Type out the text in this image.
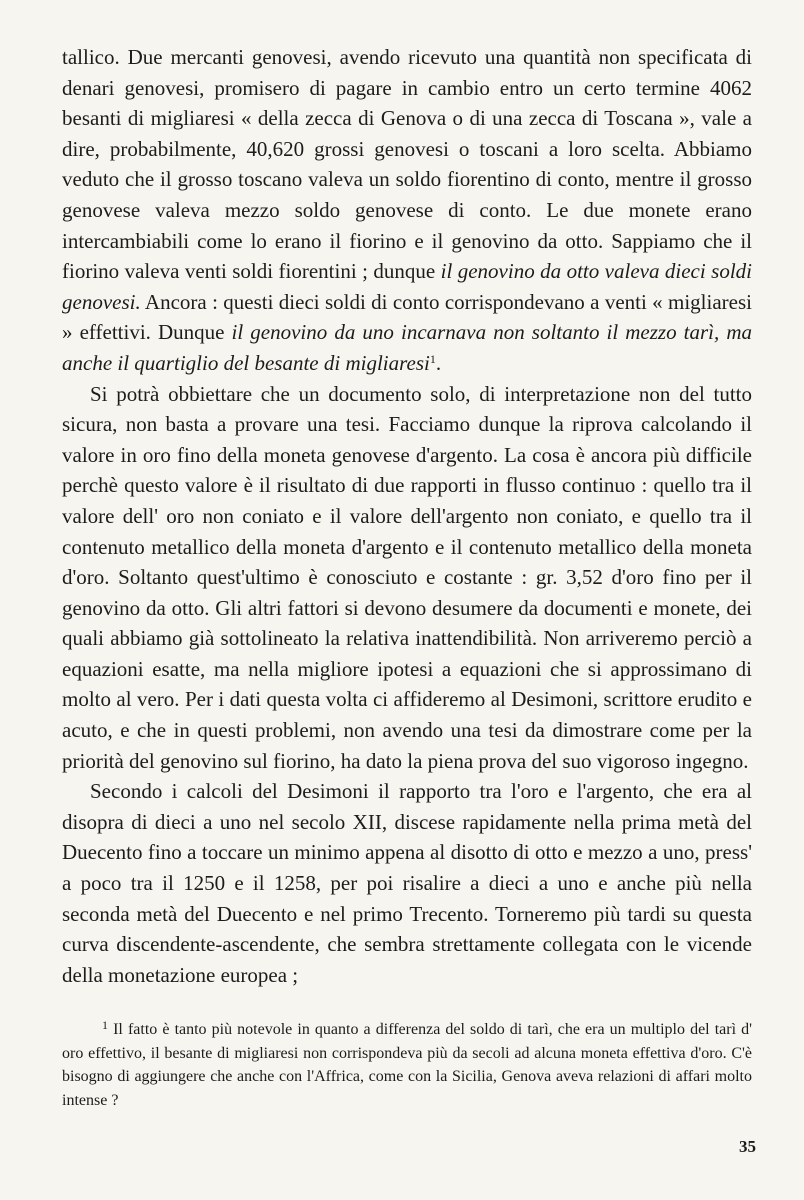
tallico. Due mercanti genovesi, avendo ricevuto una quantità non specificata di denari genovesi, promisero di pagare in cambio entro un certo termine 4062 besanti di migliaresi « della zecca di Genova o di una zecca di Toscana », vale a dire, probabilmente, 40,620 grossi genovesi o toscani a loro scelta. Abbiamo veduto che il grosso toscano valeva un soldo fiorentino di conto, mentre il grosso genovese valeva mezzo soldo genovese di conto. Le due monete erano intercambiabili come lo erano il fiorino e il genovino da otto. Sappiamo che il fiorino valeva venti soldi fiorentini ; dunque il genovino da otto valeva dieci soldi genovesi. Ancora : questi dieci soldi di conto corrispondevano a venti « migliaresi » effettivi. Dunque il genovino da uno incarnava non soltanto il mezzo tarì, ma anche il quartiglio del besante di migliaresi$^1$.

Si potrà obbiettare che un documento solo, di interpretazione non del tutto sicura, non basta a provare una tesi. Facciamo dunque la riprova calcolando il valore in oro fino della moneta genovese d'argento. La cosa è ancora più difficile perchè questo valore è il risultato di due rapporti in flusso continuo : quello tra il valore dell' oro non coniato e il valore dell'argento non coniato, e quello tra il contenuto metallico della moneta d'argento e il contenuto metallico della moneta d'oro. Soltanto quest'ultimo è conosciuto e costante : gr. 3,52 d'oro fino per il genovino da otto. Gli altri fattori si devono desumere da documenti e monete, dei quali abbiamo già sottolineato la relativa inattendibilità. Non arriveremo perciò a equazioni esatte, ma nella migliore ipotesi a equazioni che si approssimano di molto al vero. Per i dati questa volta ci affideremo al Desimoni, scrittore erudito e acuto, e che in questi problemi, non avendo una tesi da dimostrare come per la priorità del genovino sul fiorino, ha dato la piena prova del suo vigoroso ingegno.

Secondo i calcoli del Desimoni il rapporto tra l'oro e l'argento, che era al disopra di dieci a uno nel secolo XII, discese rapidamente nella prima metà del Duecento fino a toccare un minimo appena al disotto di otto e mezzo a uno, press' a poco tra il 1250 e il 1258, per poi risalire a dieci a uno e anche più nella seconda metà del Duecento e nel primo Trecento. Torneremo più tardi su questa curva discendente-ascendente, che sembra strettamente collegata con le vicende della monetazione europea ;

$^1$ Il fatto è tanto più notevole in quanto a differenza del soldo di tarì, che era un multiplo del tarì d' oro effettivo, il besante di migliaresi non corrispondeva più da secoli ad alcuna moneta effettiva d'oro. C'è bisogno di aggiungere che anche con l'Affrica, come con la Sicilia, Genova aveva relazioni di affari molto intense ?

35
